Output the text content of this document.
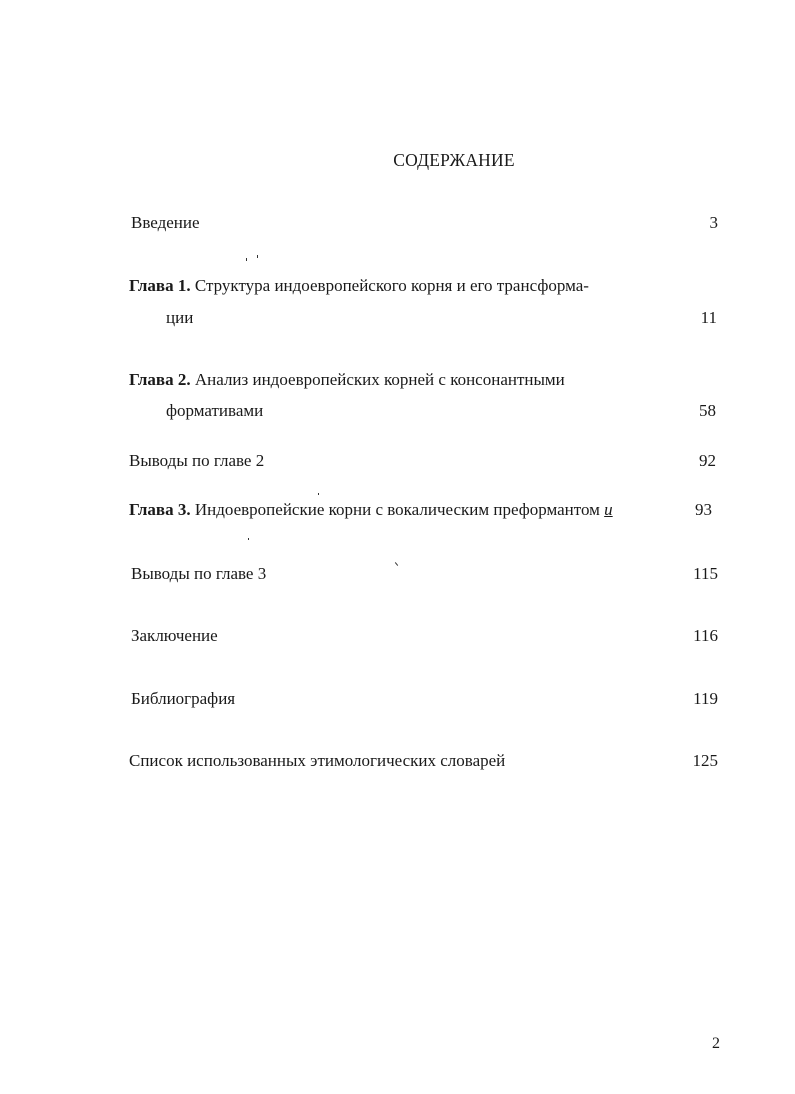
СОДЕРЖАНИЕ
Введение	3
Глава 1. Структура индоевропейского корня и его трансформа-
ции	11
Глава 2. Анализ индоевропейских корней с консонантными
формативами	58
Выводы по главе 2	92
Глава 3. Индоевропейские корни с вокалическим преформантом u	93
Выводы по главе 3	115
Заключение	116
Библиография	119
Список использованных этимологических словарей	125
2
